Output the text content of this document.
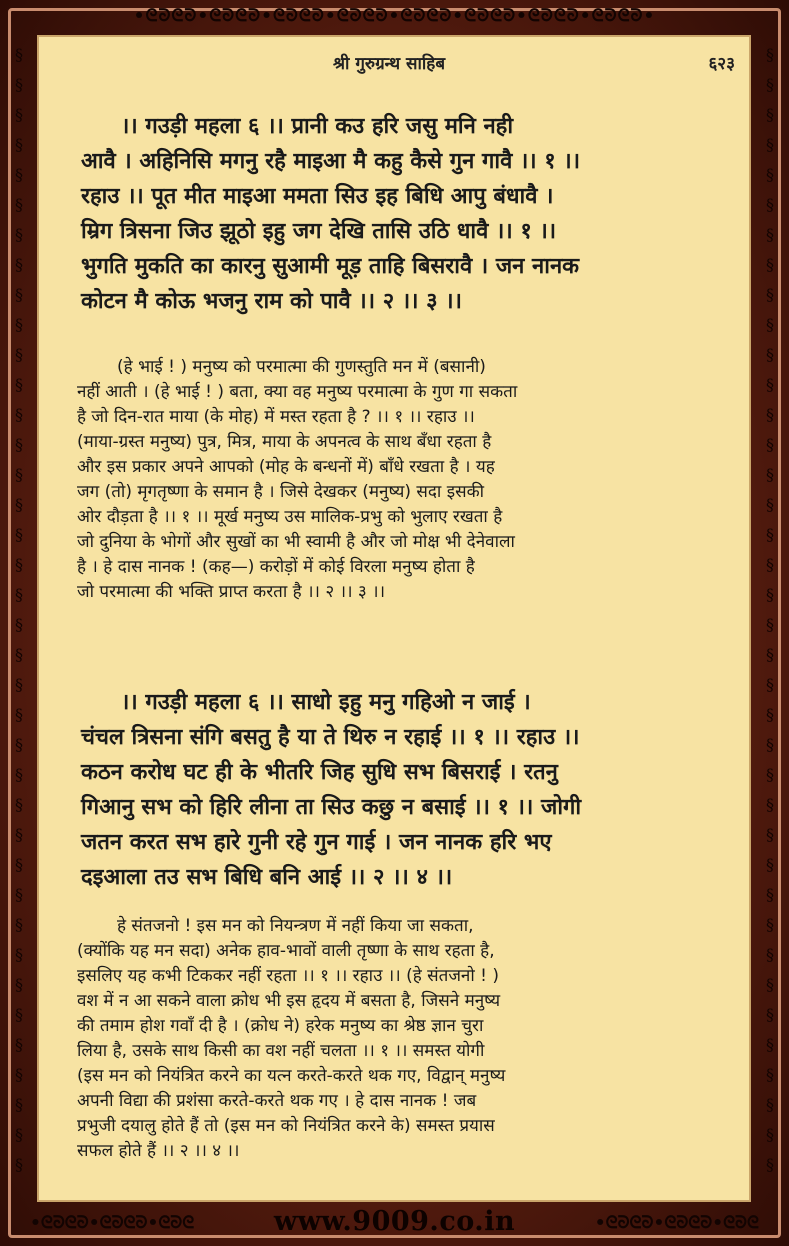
•ᘓᘐᘓᘐ•ᘓᘐᘓᘐ•ᘓᘐᘓᘐ•ᘓᘐᘓᘐ•ᘓᘐᘓᘐ•ᘓᘐᘓᘐ•ᘓᘐᘓᘐ•ᘓᘐᘓᘐ•
§
§
§
§
§
§
§
§
§
§
§
§
§
§
§
§
§
§
§
§
§
§
§
§
§
§
§
§
§
§
§
§
§
§
§
§
§
§
§
§
§
§
§
§
§
§
§
§
§
§
§
§
§
§
§
§
§
§
§
§
§
§
§
§
§
§
§
§
§
§
§
§
§
§
§
§
श्री गुरुग्रन्थ साहिब	६२३
।। गउड़ी महला ६ ।। प्रानी कउ हरि जसु मनि नही
आवै । अहिनिसि मगनु रहै माइआ मै कहु कैसे गुन गावै ।। १ ।।
रहाउ ।। पूत मीत माइआ ममता सिउ इह बिधि आपु बंधावै ।
म्रिग त्रिसना जिउ झूठो इहु जग देखि तासि उठि धावै ।। १ ।।
भुगति मुकति का कारनु सुआमी मूड़ ताहि बिसरावै । जन नानक
कोटन मै कोऊ भजनु राम को पावै ।। २ ।। ३ ।।
(हे भाई ! ) मनुष्य को परमात्मा की गुणस्तुति मन में (बसानी)
नहीं आती । (हे भाई ! ) बता, क्या वह मनुष्य परमात्मा के गुण गा सकता
है जो दिन-रात माया (के मोह) में मस्त रहता है ? ।। १ ।। रहाउ ।।
(माया-ग्रस्त मनुष्य) पुत्र, मित्र, माया के अपनत्व के साथ बँधा रहता है
और इस प्रकार अपने आपको (मोह के बन्धनों में) बाँधे रखता है । यह
जग (तो) मृगतृष्णा के समान है । जिसे देखकर (मनुष्य) सदा इसकी
ओर दौड़ता है ।। १ ।। मूर्ख मनुष्य उस मालिक-प्रभु को भुलाए रखता है
जो दुनिया के भोगों और सुखों का भी स्वामी है और जो मोक्ष भी देनेवाला
है । हे दास नानक ! (कह—) करोड़ों में कोई विरला मनुष्य होता है
जो परमात्मा की भक्ति प्राप्त करता है ।। २ ।। ३ ।।
।। गउड़ी महला ६ ।। साधो इहु मनु गहिओ न जाई ।
चंचल त्रिसना संगि बसतु है या ते थिरु न रहाई ।। १ ।। रहाउ ।।
कठन करोध घट ही के भीतरि जिह सुधि सभ बिसराई । रतनु
गिआनु सभ को हिरि लीना ता सिउ कछु न बसाई ।। १ ।। जोगी
जतन करत सभ हारे गुनी रहे गुन गाई । जन नानक हरि भए
दइआला तउ सभ बिधि बनि आई ।। २ ।। ४ ।।
हे संतजनो ! इस मन को नियन्त्रण में नहीं किया जा सकता,
(क्योंकि यह मन सदा) अनेक हाव-भावों वाली तृष्णा के साथ रहता है,
इसलिए यह कभी टिककर नहीं रहता ।। १ ।। रहाउ ।। (हे संतजनो ! )
वश में न आ सकने वाला क्रोध भी इस हृदय में बसता है, जिसने मनुष्य
की तमाम होश गवाँ दी है । (क्रोध ने) हरेक मनुष्य का श्रेष्ठ ज्ञान चुरा
लिया है, उसके साथ किसी का वश नहीं चलता ।। १ ।। समस्त योगी
(इस मन को नियंत्रित करने का यत्न करते-करते थक गए, विद्वान् मनुष्य
अपनी विद्या की प्रशंसा करते-करते थक गए । हे दास नानक ! जब
प्रभुजी दयालु होते हैं तो (इस मन को नियंत्रित करने के) समस्त प्रयास
सफल होते हैं ।। २ ।। ४ ।।
•ᘓᘐᘓᘐ•ᘓᘐᘓᘐ•ᘓᘐᘓ	www.9009.co.in	•ᘓᘐᘓᘐ•ᘓᘐᘓᘐ•ᘓᘐᘓ
